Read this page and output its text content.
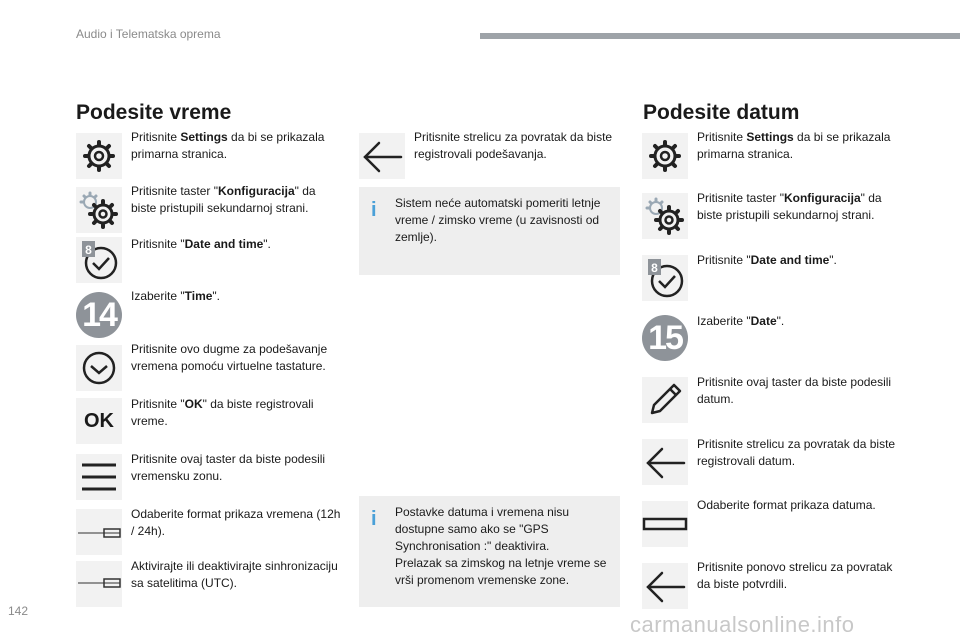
Audio i Telematska oprema
Podesite vreme
Pritisnite Settings da bi se prikazala primarna stranica.
Pritisnite taster "Konfiguracija" da biste pristupili sekundarnoj strani.
8	Pritisnite "Date and time".
14	Izaberite "Time".
Pritisnite ovo dugme za podešavanje vremena pomoću virtuelne tastature.
OK
Pritisnite "OK" da biste registrovali vreme.
Pritisnite ovaj taster da biste podesili vremensku zonu.
Odaberite format prikaza vremena (12h / 24h).
Aktivirajte ili deaktivirajte sinhronizaciju sa satelitima (UTC).
Pritisnite strelicu za povratak da biste registrovali podešavanja.
i Sistem neće automatski pomeriti letnje vreme / zimsko vreme (u zavisnosti od zemlje).
i Postavke datuma i vremena nisu dostupne samo ako se "GPS Synchronisation :" deaktivira.
Prelazak sa zimskog na letnje vreme se vrši promenom vremenske zone.
Podesite datum
Pritisnite Settings da bi se prikazala primarna stranica.
Pritisnite taster "Konfiguracija" da biste pristupili sekundarnoj strani.
8
Pritisnite "Date and time".
15	Izaberite "Date".
Pritisnite ovaj taster da biste podesili datum.
Pritisnite strelicu za povratak da biste registrovali datum.
Odaberite format prikaza datuma.
Pritisnite ponovo strelicu za povratak da biste potvrdili.
142
carmanualsonline.info
